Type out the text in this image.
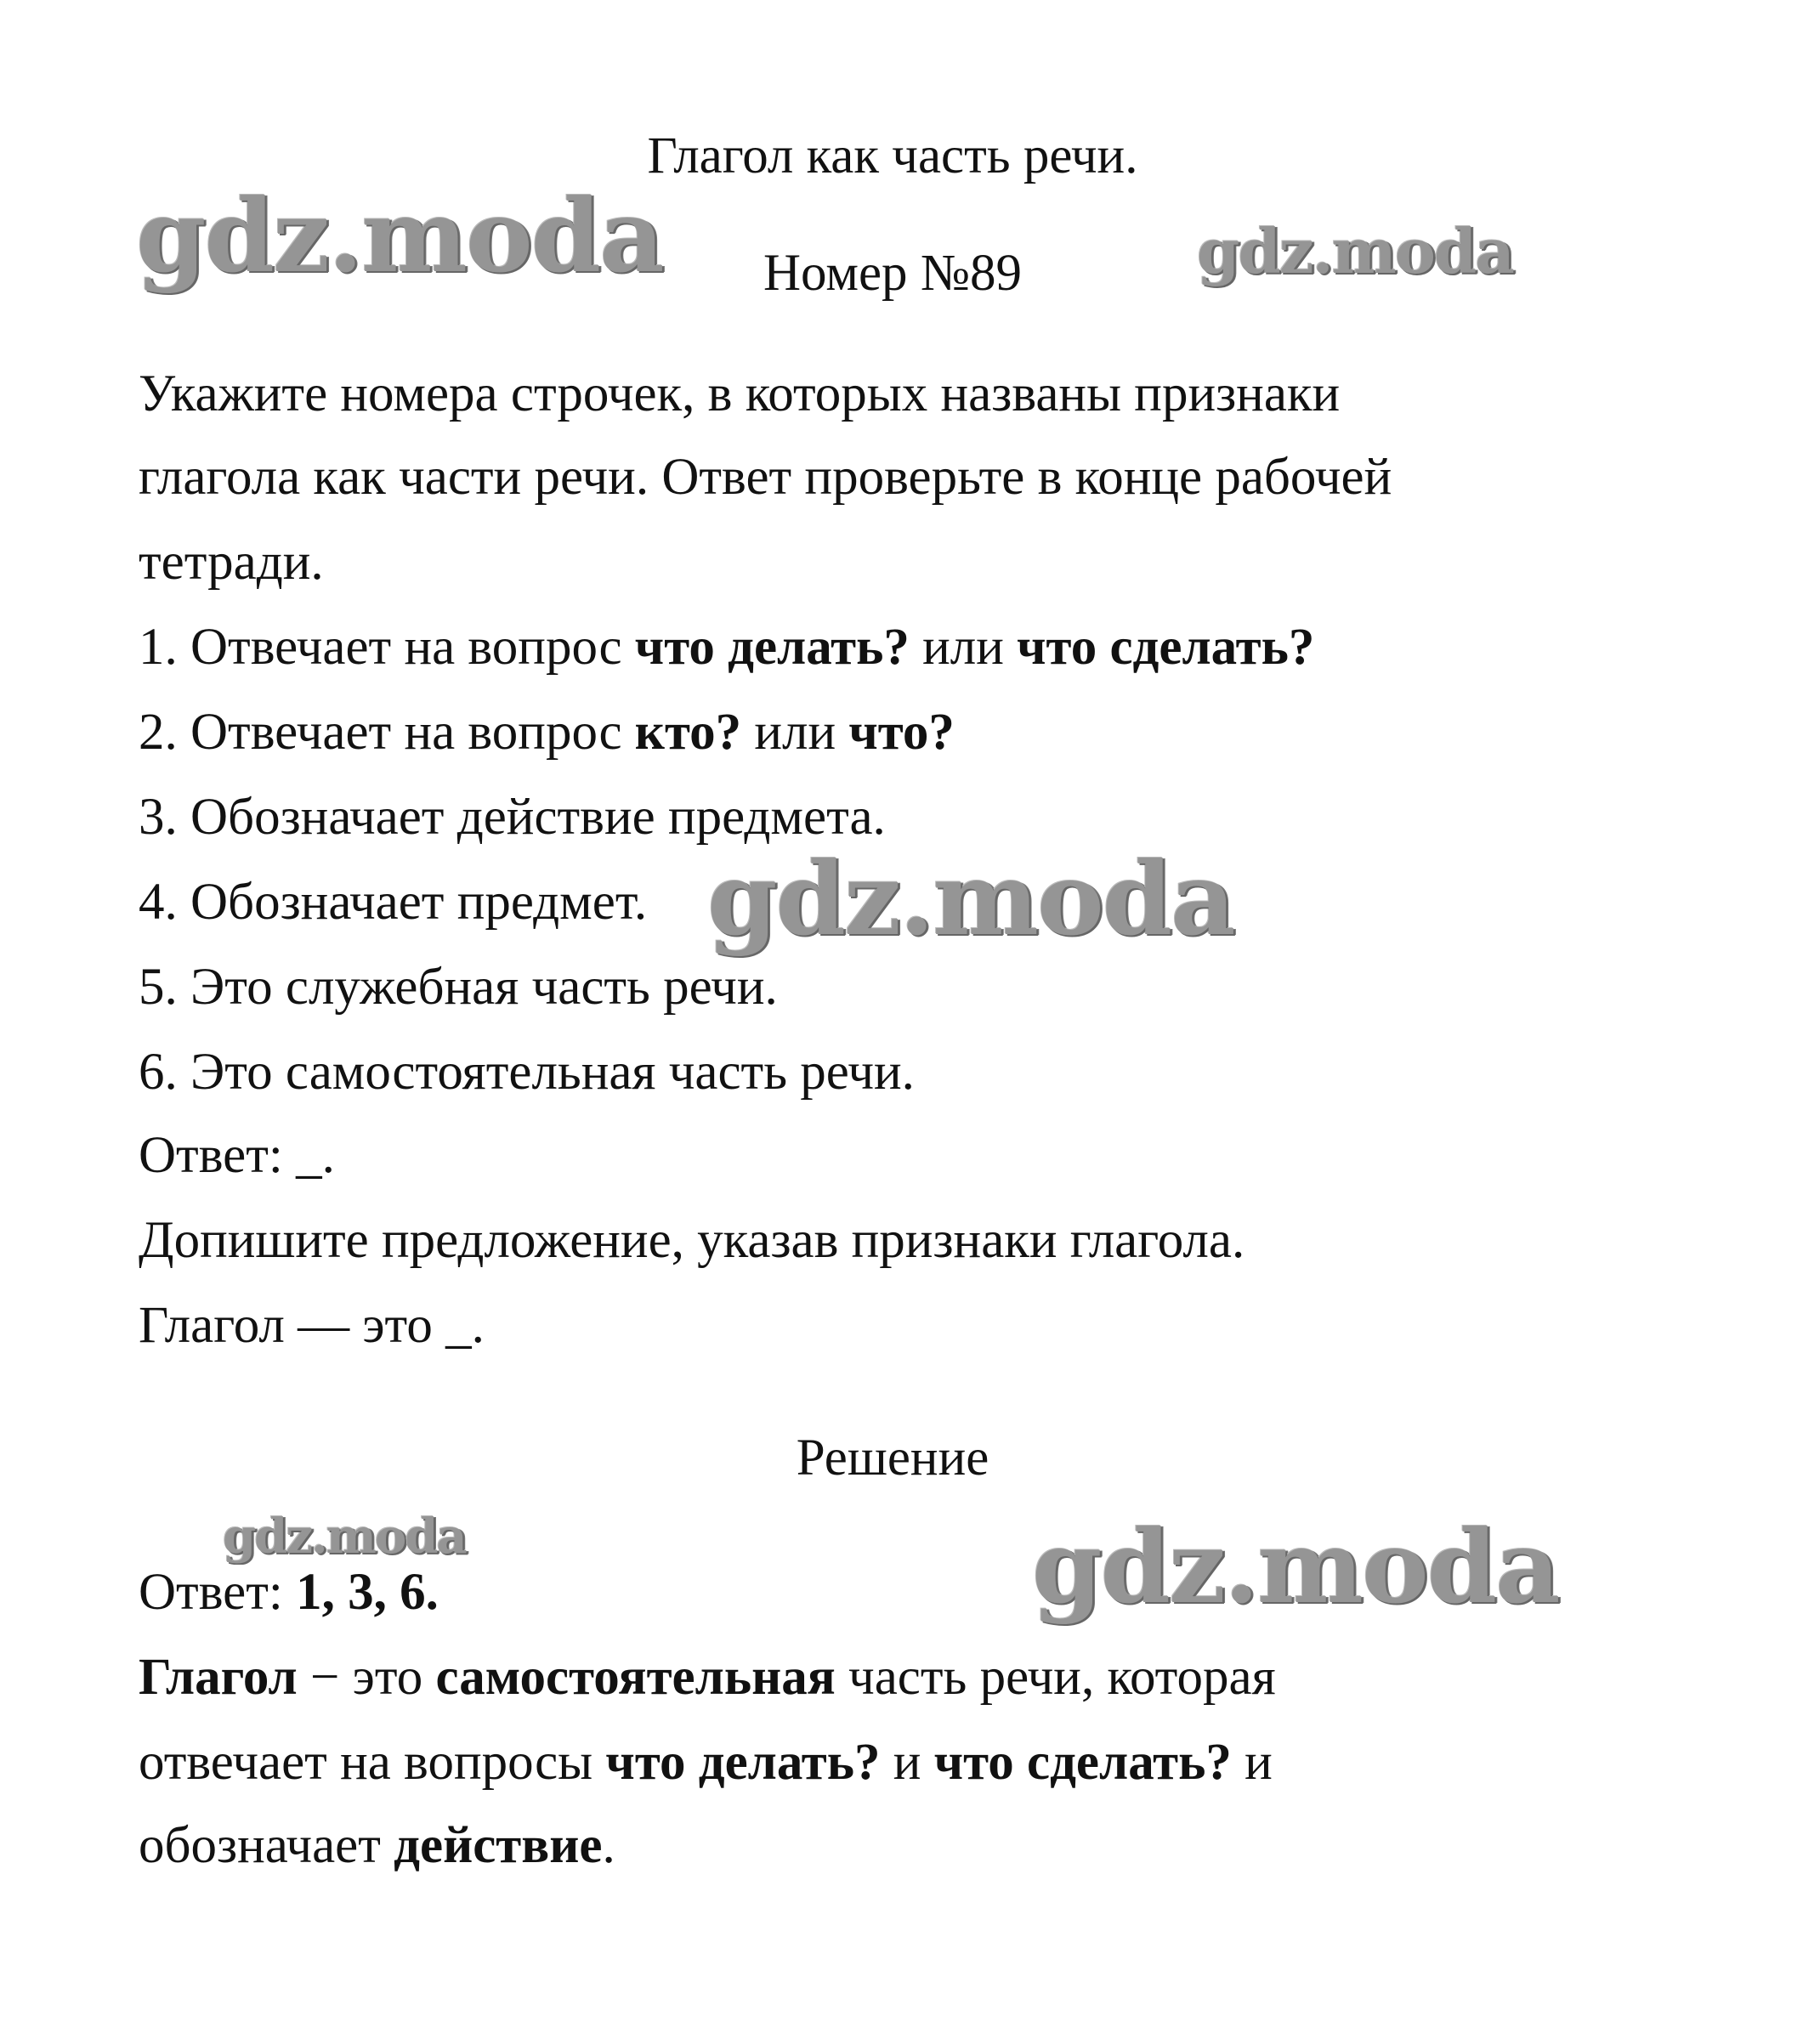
Глагол как часть речи.
Номер №89
Укажите номера строчек, в которых названы признаки
глагола как части речи. Ответ проверьте в конце рабочей
тетради.
1. Отвечает на вопрос что делать? или что сделать?
2. Отвечает на вопрос кто? или что?
3. Обозначает действие предмета.
4. Обозначает предмет.
5. Это служебная часть речи.
6. Это самостоятельная часть речи.
Ответ: _.
Допишите предложение, указав признаки глагола.
Глагол — это _.
Решение
Ответ: 1, 3, 6.
Глагол − это самостоятельная часть речи, которая
отвечает на вопросы что делать? и что сделать? и
обозначает действие.
gdz.moda	gdz.moda
gdz.moda
gdz.moda	gdz.moda
